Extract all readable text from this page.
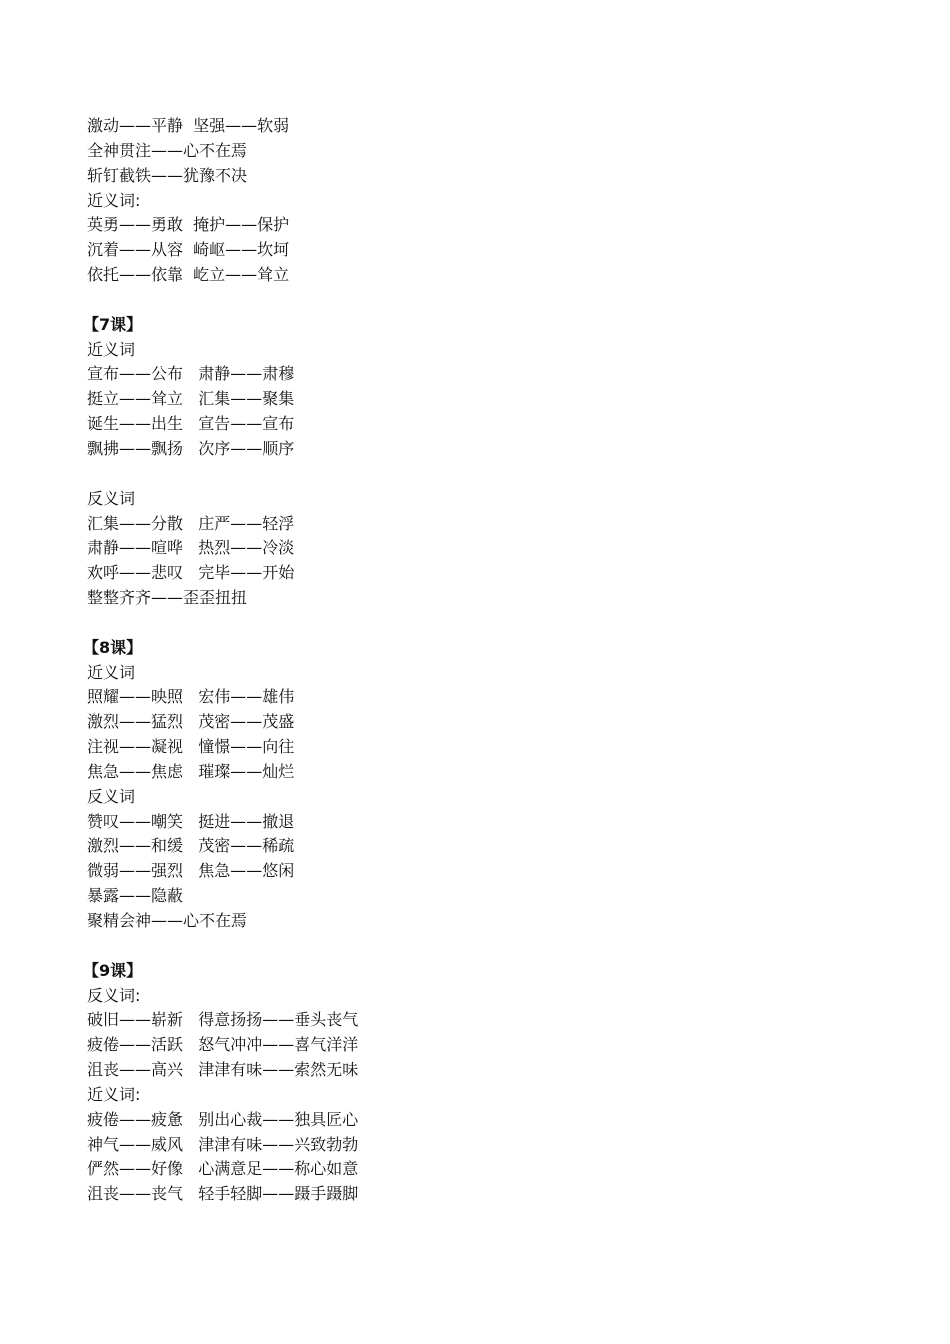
激动——平静  坚强——软弱
全神贯注——心不在焉
斩钉截铁——犹豫不决
近义词:
英勇——勇敢  掩护——保护
沉着——从容  崎岖——坎坷
依托——依靠  屹立——耸立
【7课】
近义词
宣布——公布   肃静——肃穆
挺立——耸立   汇集——聚集
诞生——出生   宣告——宣布
飘拂——飘扬   次序——顺序
反义词
汇集——分散   庄严——轻浮
肃静——喧哗   热烈——冷淡
欢呼——悲叹   完毕——开始
整整齐齐——歪歪扭扭
【8课】
近义词
照耀——映照   宏伟——雄伟
激烈——猛烈   茂密——茂盛
注视——凝视   憧憬——向往
焦急——焦虑   璀璨——灿烂
反义词
赞叹——嘲笑   挺进——撤退
激烈——和缓   茂密——稀疏
微弱——强烈   焦急——悠闲
暴露——隐蔽
聚精会神——心不在焉
【9课】
反义词:
破旧——崭新   得意扬扬——垂头丧气
疲倦——活跃   怒气冲冲——喜气洋洋
沮丧——高兴   津津有味——索然无味
近义词:
疲倦——疲惫   别出心裁——独具匠心
神气——威风   津津有味——兴致勃勃
俨然——好像   心满意足——称心如意
沮丧——丧气   轻手轻脚——蹑手蹑脚
